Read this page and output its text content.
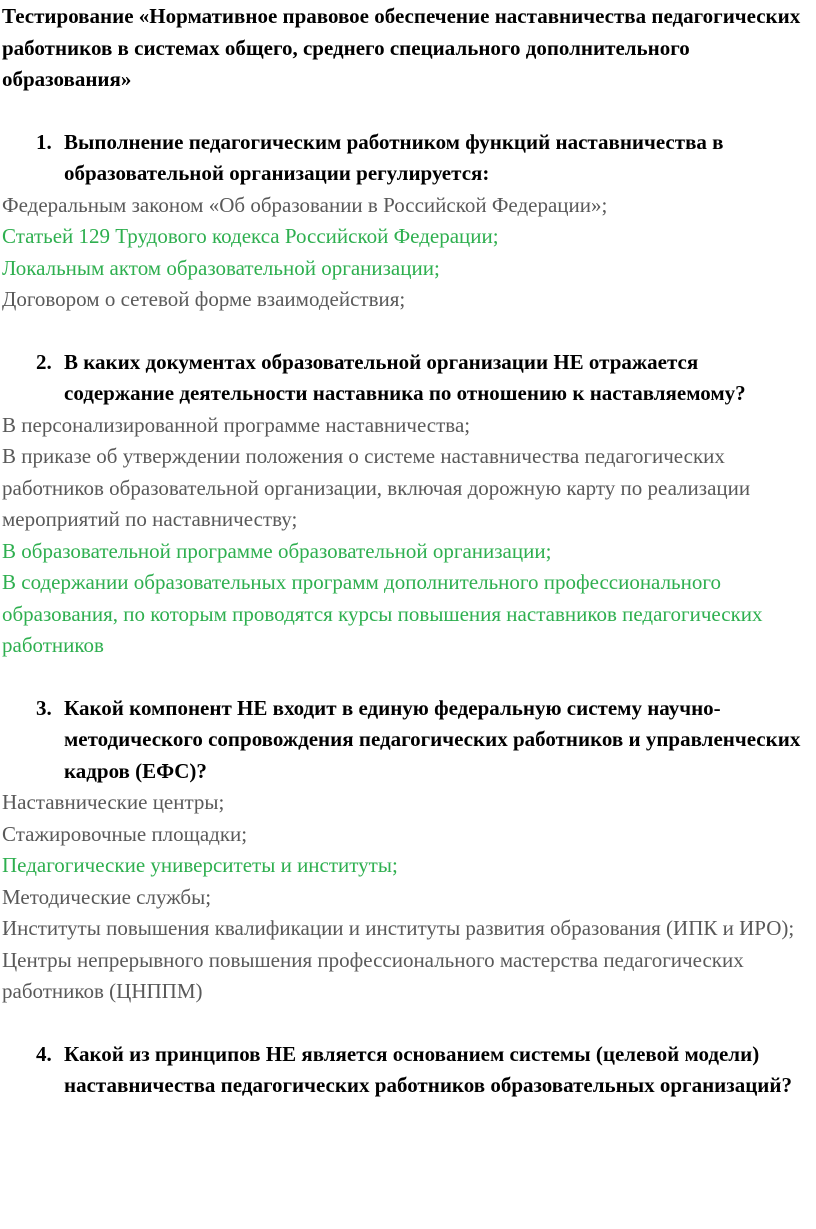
Тестирование «Нормативное правовое обеспечение наставничества педагогических работников в системах общего, среднего специального дополнительного образования»
1. Выполнение педагогическим работником функций наставничества в образовательной организации регулируется:
Федеральным законом «Об образовании в Российской Федерации»;
Статьей 129 Трудового кодекса Российской Федерации;
Локальным актом образовательной организации;
Договором о сетевой форме взаимодействия;
2. В каких документах образовательной организации НЕ отражается содержание деятельности наставника по отношению к наставляемому?
В персонализированной программе наставничества;
В приказе об утверждении положения о системе наставничества педагогических работников образовательной организации, включая дорожную карту по реализации мероприятий по наставничеству;
В образовательной программе образовательной организации;
В содержании образовательных программ дополнительного профессионального образования, по которым проводятся курсы повышения наставников педагогических работников
3. Какой компонент НЕ входит в единую федеральную систему научно-методического сопровождения педагогических работников и управленческих кадров (ЕФС)?
Наставнические центры;
Стажировочные площадки;
Педагогические университеты и институты;
Методические службы;
Институты повышения квалификации и институты развития образования (ИПК и ИРО);
Центры непрерывного повышения профессионального мастерства педагогических работников (ЦНППМ)
4. Какой из принципов НЕ является основанием системы (целевой модели) наставничества педагогических работников образовательных организаций?
